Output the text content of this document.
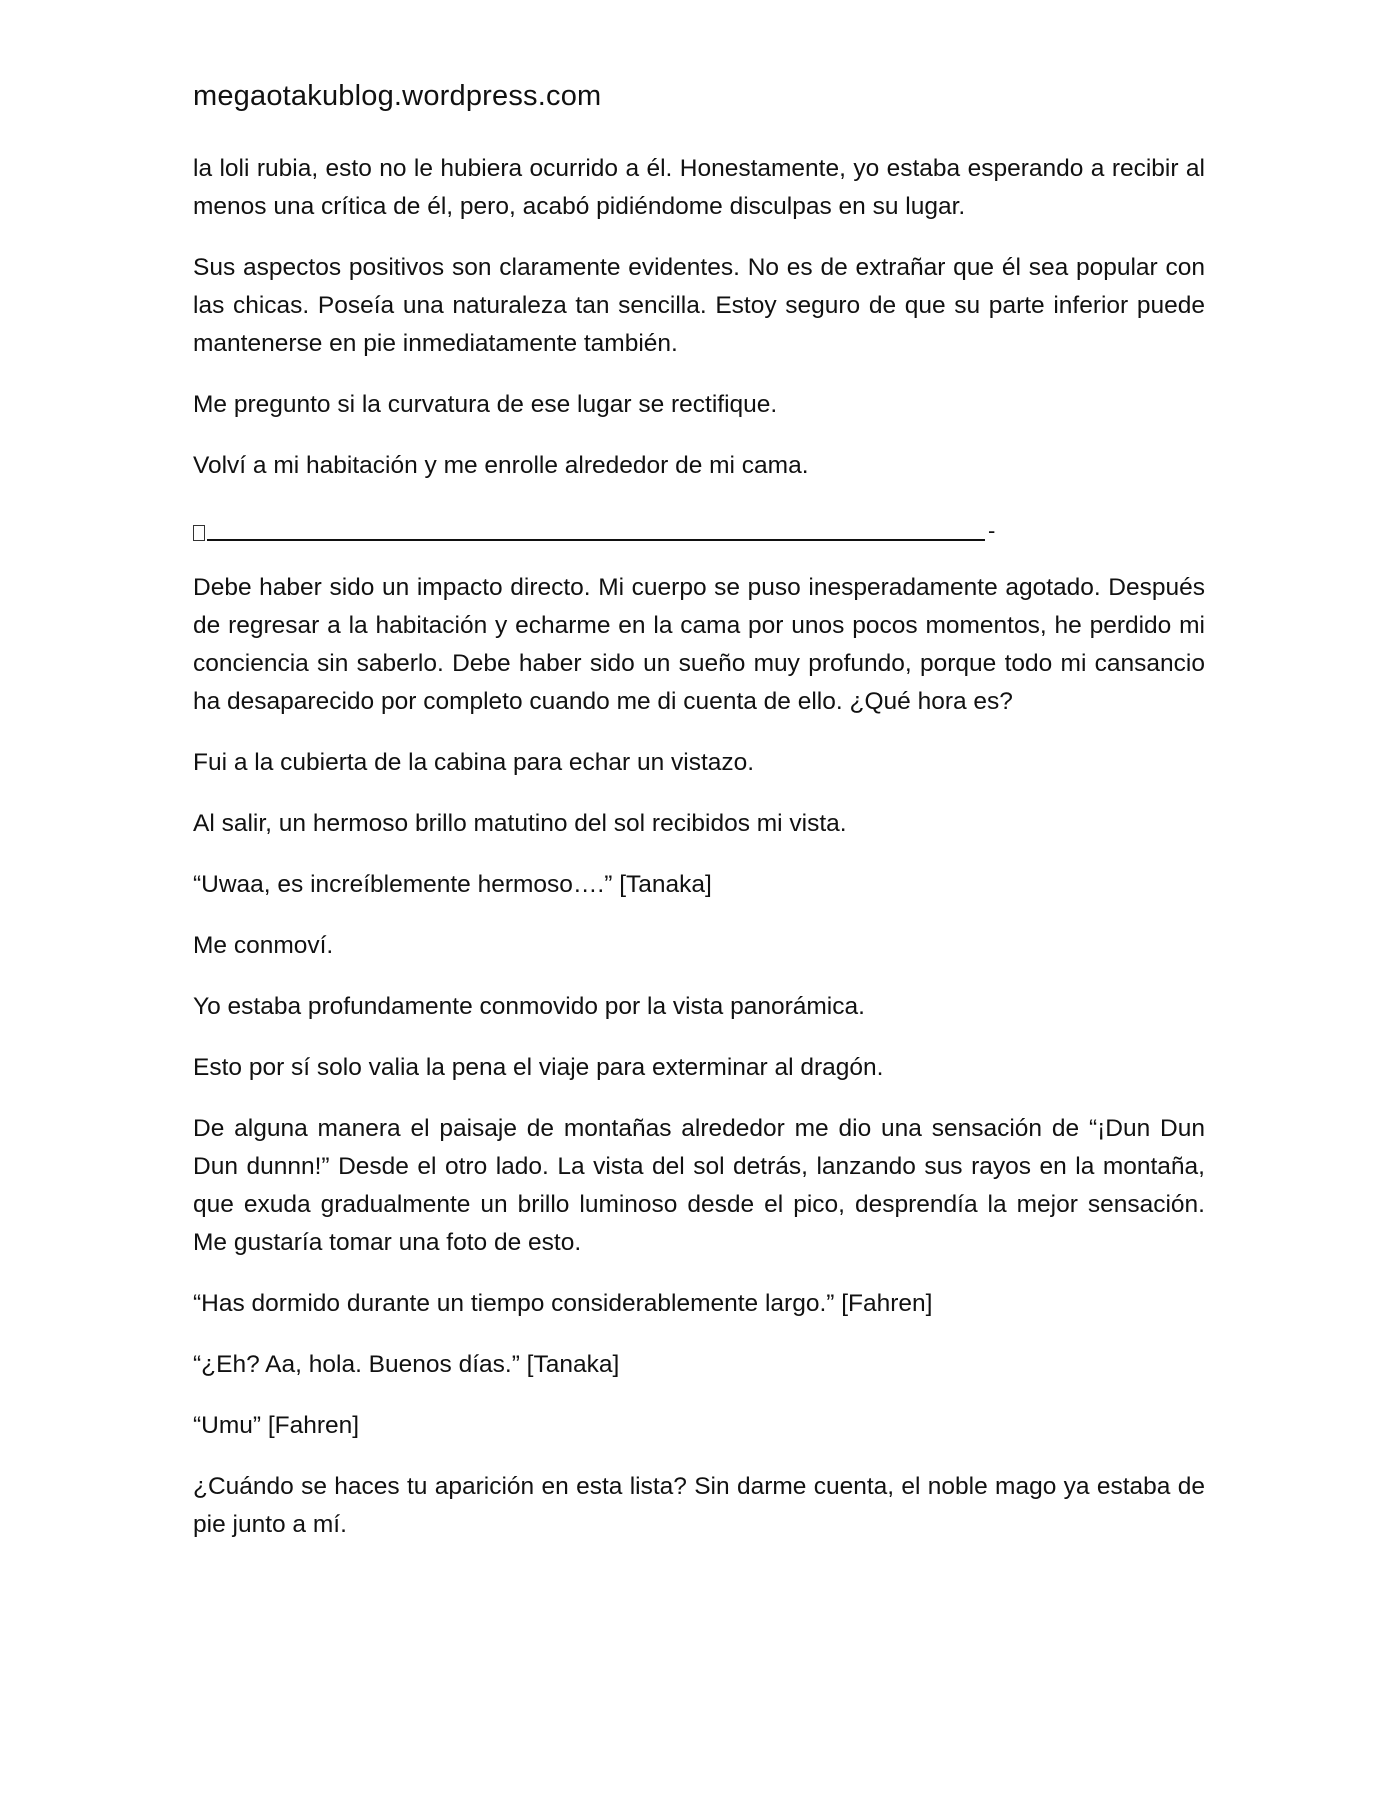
megaotakublog.wordpress.com

la loli rubia, esto no le hubiera ocurrido a él. Honestamente, yo estaba esperando a recibir al menos una crítica de él, pero, acabó pidiéndome disculpas en su lugar.

Sus aspectos positivos son claramente evidentes. No es de extrañar que él sea popular con las chicas. Poseía una naturaleza tan sencilla. Estoy seguro de que su parte inferior puede mantenerse en pie inmediatamente también.

Me pregunto si la curvatura de ese lugar se rectifique.

Volví a mi habitación y me enrolle alrededor de mi cama.

-

Debe haber sido un impacto directo. Mi cuerpo se puso inesperadamente agotado. Después de regresar a la habitación y echarme en la cama por unos pocos momentos, he perdido mi conciencia sin saberlo. Debe haber sido un sueño muy profundo, porque todo mi cansancio ha desaparecido por completo cuando me di cuenta de ello. ¿Qué hora es?

Fui a la cubierta de la cabina para echar un vistazo.

Al salir, un hermoso brillo matutino del sol recibidos mi vista.

“Uwaa, es increíblemente hermoso….” [Tanaka]

Me conmoví.

Yo estaba profundamente conmovido por la vista panorámica.

Esto por sí solo valia la pena el viaje para exterminar al dragón.

De alguna manera el paisaje de montañas alrededor me dio una sensación de “¡Dun Dun Dun dunnn!” Desde el otro lado. La vista del sol detrás, lanzando sus rayos en la montaña, que exuda gradualmente un brillo luminoso desde el pico, desprendía la mejor sensación. Me gustaría tomar una foto de esto.

“Has dormido durante un tiempo considerablemente largo.” [Fahren]

“¿Eh? Aa, hola. Buenos días.” [Tanaka]

“Umu” [Fahren]

¿Cuándo se haces tu aparición en esta lista? Sin darme cuenta, el noble mago ya estaba de pie junto a mí.
